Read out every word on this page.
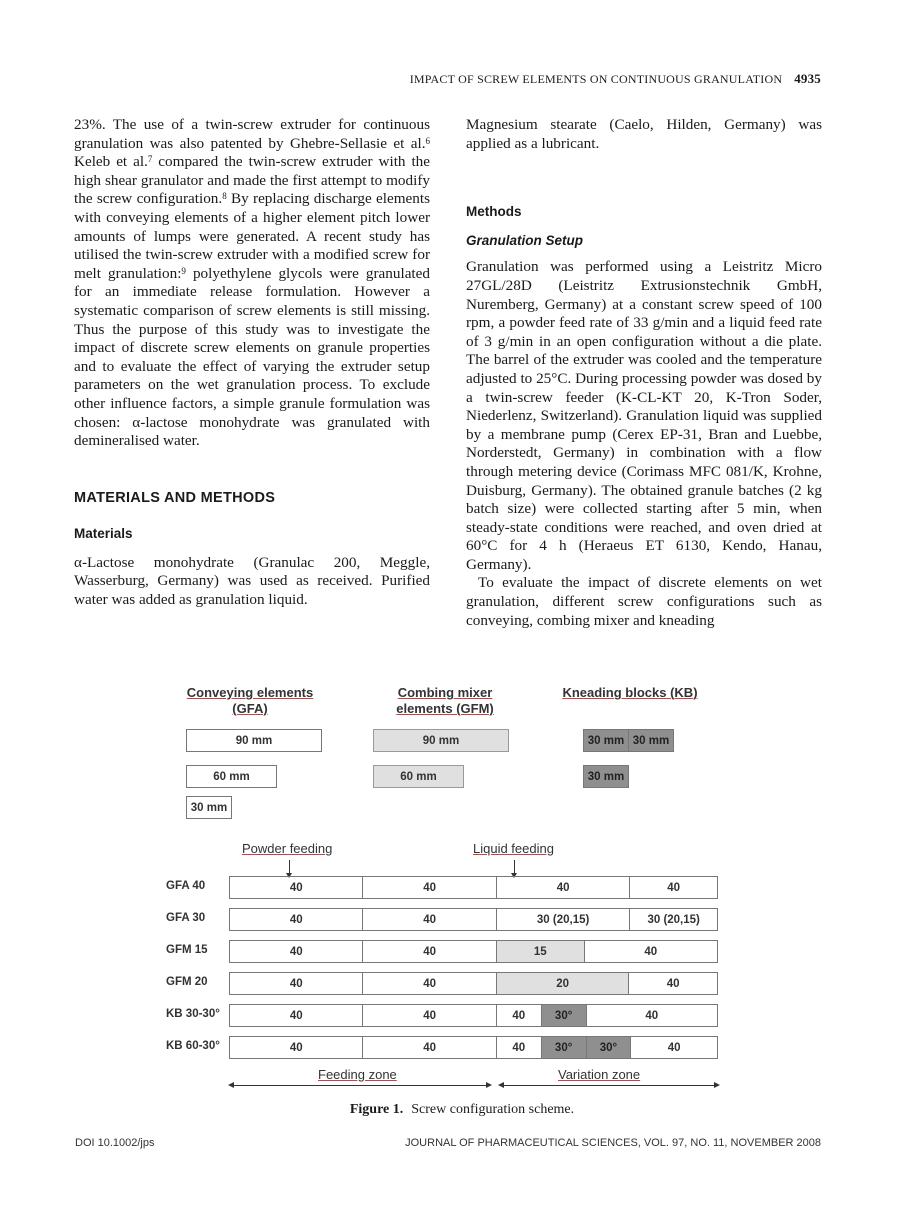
IMPACT OF SCREW ELEMENTS ON CONTINUOUS GRANULATION 4935

23%. The use of a twin-screw extruder for continuous granulation was also patented by Ghebre-Sellasie et al.$^6$ Keleb et al.$^7$ compared the twin-screw extruder with the high shear granulator and made the first attempt to modify the screw configuration.$^8$ By replacing discharge elements with conveying elements of a higher element pitch lower amounts of lumps were generated. A recent study has utilised the twin-screw extruder with a modified screw for melt granulation:$^9$ polyethylene glycols were granulated for an immediate release formulation. However a systematic comparison of screw elements is still missing. Thus the purpose of this study was to investigate the impact of discrete screw elements on granule properties and to evaluate the effect of varying the extruder setup parameters on the wet granulation process. To exclude other influence factors, a simple granule formulation was chosen: α-lactose monohydrate was granulated with demineralised water.

MATERIALS AND METHODS
Materials

α-Lactose monohydrate (Granulac 200, Meggle, Wasserburg, Germany) was used as received. Purified water was added as granulation liquid.

Magnesium stearate (Caelo, Hilden, Germany) was applied as a lubricant.

Methods
Granulation Setup

Granulation was performed using a Leistritz Micro 27GL/28D (Leistritz Extrusionstechnik GmbH, Nuremberg, Germany) at a constant screw speed of 100 rpm, a powder feed rate of 33 g/min and a liquid feed rate of 3 g/min in an open configuration without a die plate. The barrel of the extruder was cooled and the temperature adjusted to 25°C. During processing powder was dosed by a twin-screw feeder (K-CL-KT 20, K-Tron Soder, Niederlenz, Switzerland). Granulation liquid was supplied by a membrane pump (Cerex EP-31, Bran and Luebbe, Norderstedt, Germany) in combination with a flow through metering device (Corimass MFC 081/K, Krohne, Duisburg, Germany). The obtained granule batches (2 kg batch size) were collected starting after 5 min, when steady-state conditions were reached, and oven dried at 60°C for 4 h (Heraeus ET 6130, Kendo, Hanau, Germany).

To evaluate the impact of discrete elements on wet granulation, different screw configurations such as conveying, combing mixer and kneading

Conveying elements (GFA)
Combing mixer elements (GFM)
Kneading blocks (KB)
90 mm
60 mm
30 mm
90 mm
60 mm
30 mm 30 mm
30 mm
Powder feeding	Liquid feeding
GFA 40	40	40	40	40
GFA 30	40	40	30 (20,15)	30 (20,15)
GFM 15	40	40	15	40
GFM 20	40	40	20	40
KB 30-30°	40	40	40	30°	40
KB 60-30°	40	40	40	30°	30°	40
Feeding zone	Variation zone
Figure 1. Screw configuration scheme.
DOI 10.1002/jps	JOURNAL OF PHARMACEUTICAL SCIENCES, VOL. 97, NO. 11, NOVEMBER 2008
